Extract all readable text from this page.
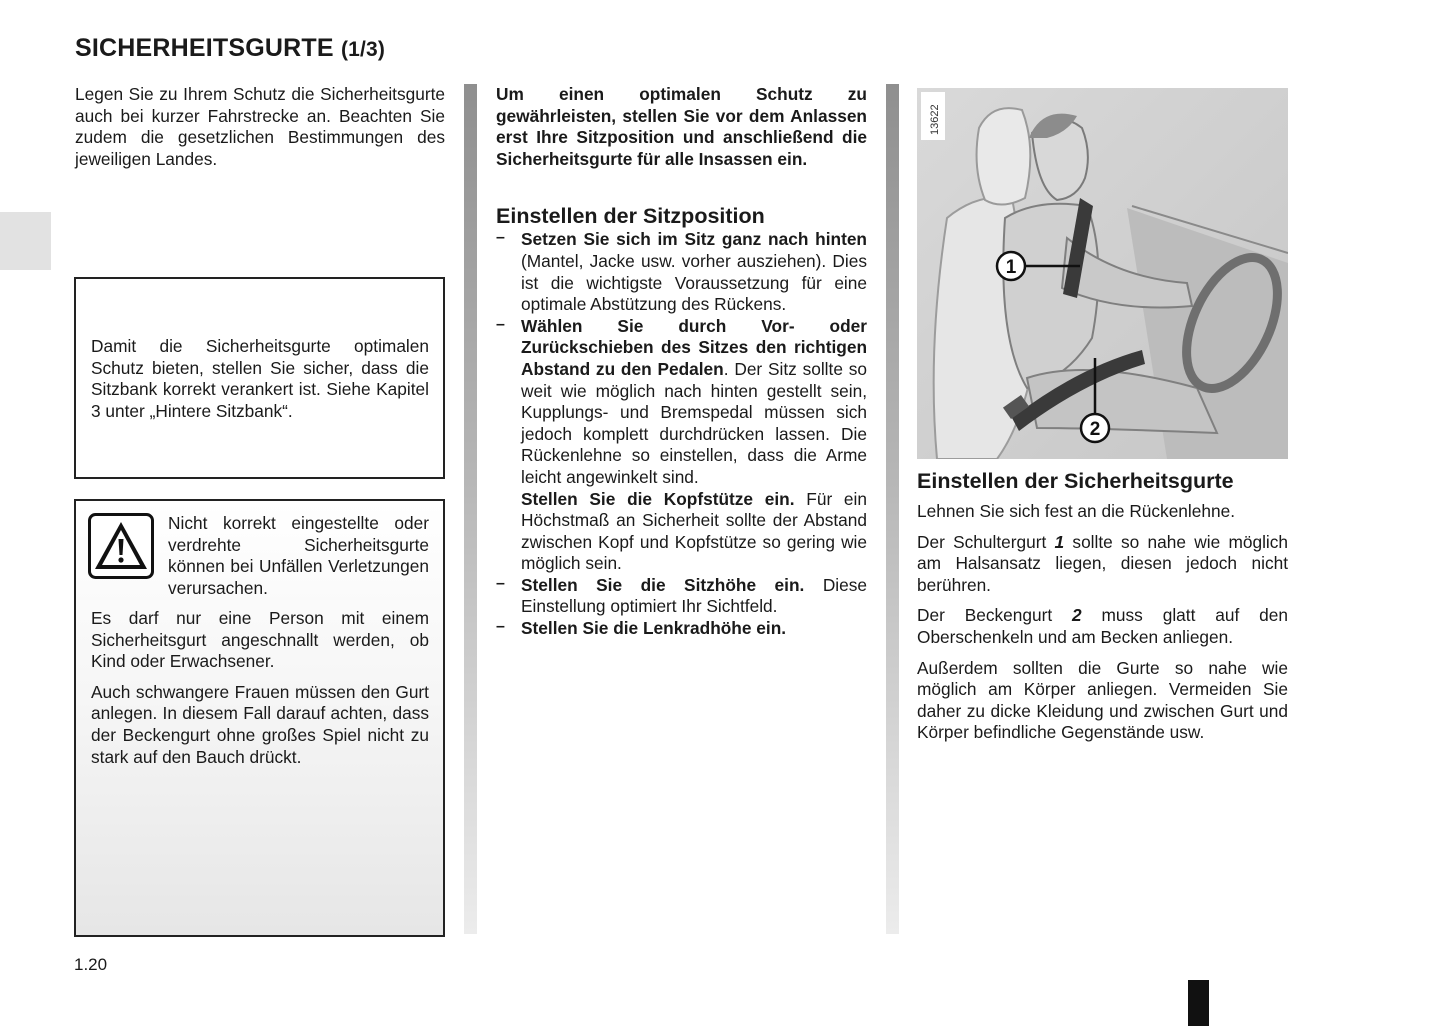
SICHERHEITSGURTE (1/3)

Legen Sie zu Ihrem Schutz die Sicherheitsgurte auch bei kurzer Fahrstrecke an. Beachten Sie zudem die gesetzlichen Bestimmungen des jeweiligen Landes.

Damit die Sicherheitsgurte optimalen Schutz bieten, stellen Sie sicher, dass die Sitzbank korrekt verankert ist. Siehe Kapitel 3 unter „Hintere Sitzbank“.

Nicht korrekt eingestellte oder verdrehte Sicherheitsgurte können bei Unfällen Verletzungen verursachen.

Es darf nur eine Person mit einem Sicherheitsgurt angeschnallt werden, ob Kind oder Erwachsener.

Auch schwangere Frauen müssen den Gurt anlegen. In diesem Fall darauf achten, dass der Beckengurt ohne großes Spiel nicht zu stark auf den Bauch drückt.

Um einen optimalen Schutz zu gewährleisten, stellen Sie vor dem Anlassen erst Ihre Sitzposition und anschließend die Sicherheitsgurte für alle Insassen ein.

Einstellen der Sitzposition
– Setzen Sie sich im Sitz ganz nach hinten (Mantel, Jacke usw. vorher ausziehen). Dies ist die wichtigste Voraussetzung für eine optimale Abstützung des Rückens.

– Wählen Sie durch Vor- oder Zurückschieben des Sitzes den richtigen Abstand zu den Pedalen. Der Sitz sollte so weit wie möglich nach hinten gestellt sein, Kupplungs- und Bremspedal müssen sich jedoch komplett durchdrücken lassen. Die Rückenlehne so einstellen, dass die Arme leicht angewinkelt sind.

Stellen Sie die Kopfstütze ein. Für ein Höchstmaß an Sicherheit sollte der Abstand zwischen Kopf und Kopfstütze so gering wie möglich sein.

– Stellen Sie die Sitzhöhe ein. Diese Einstellung optimiert Ihr Sichtfeld.

– Stellen Sie die Lenkradhöhe ein.

13622
1
2
Einstellen der Sicherheitsgurte

Lehnen Sie sich fest an die Rückenlehne.

Der Schultergurt 1 sollte so nahe wie möglich am Halsansatz liegen, diesen jedoch nicht berühren.

Der Beckengurt 2 muss glatt auf den Oberschenkeln und am Becken anliegen.

Außerdem sollten die Gurte so nahe wie möglich am Körper anliegen. Vermeiden Sie daher zu dicke Kleidung und zwischen Gurt und Körper befindliche Gegenstände usw.

1.20
